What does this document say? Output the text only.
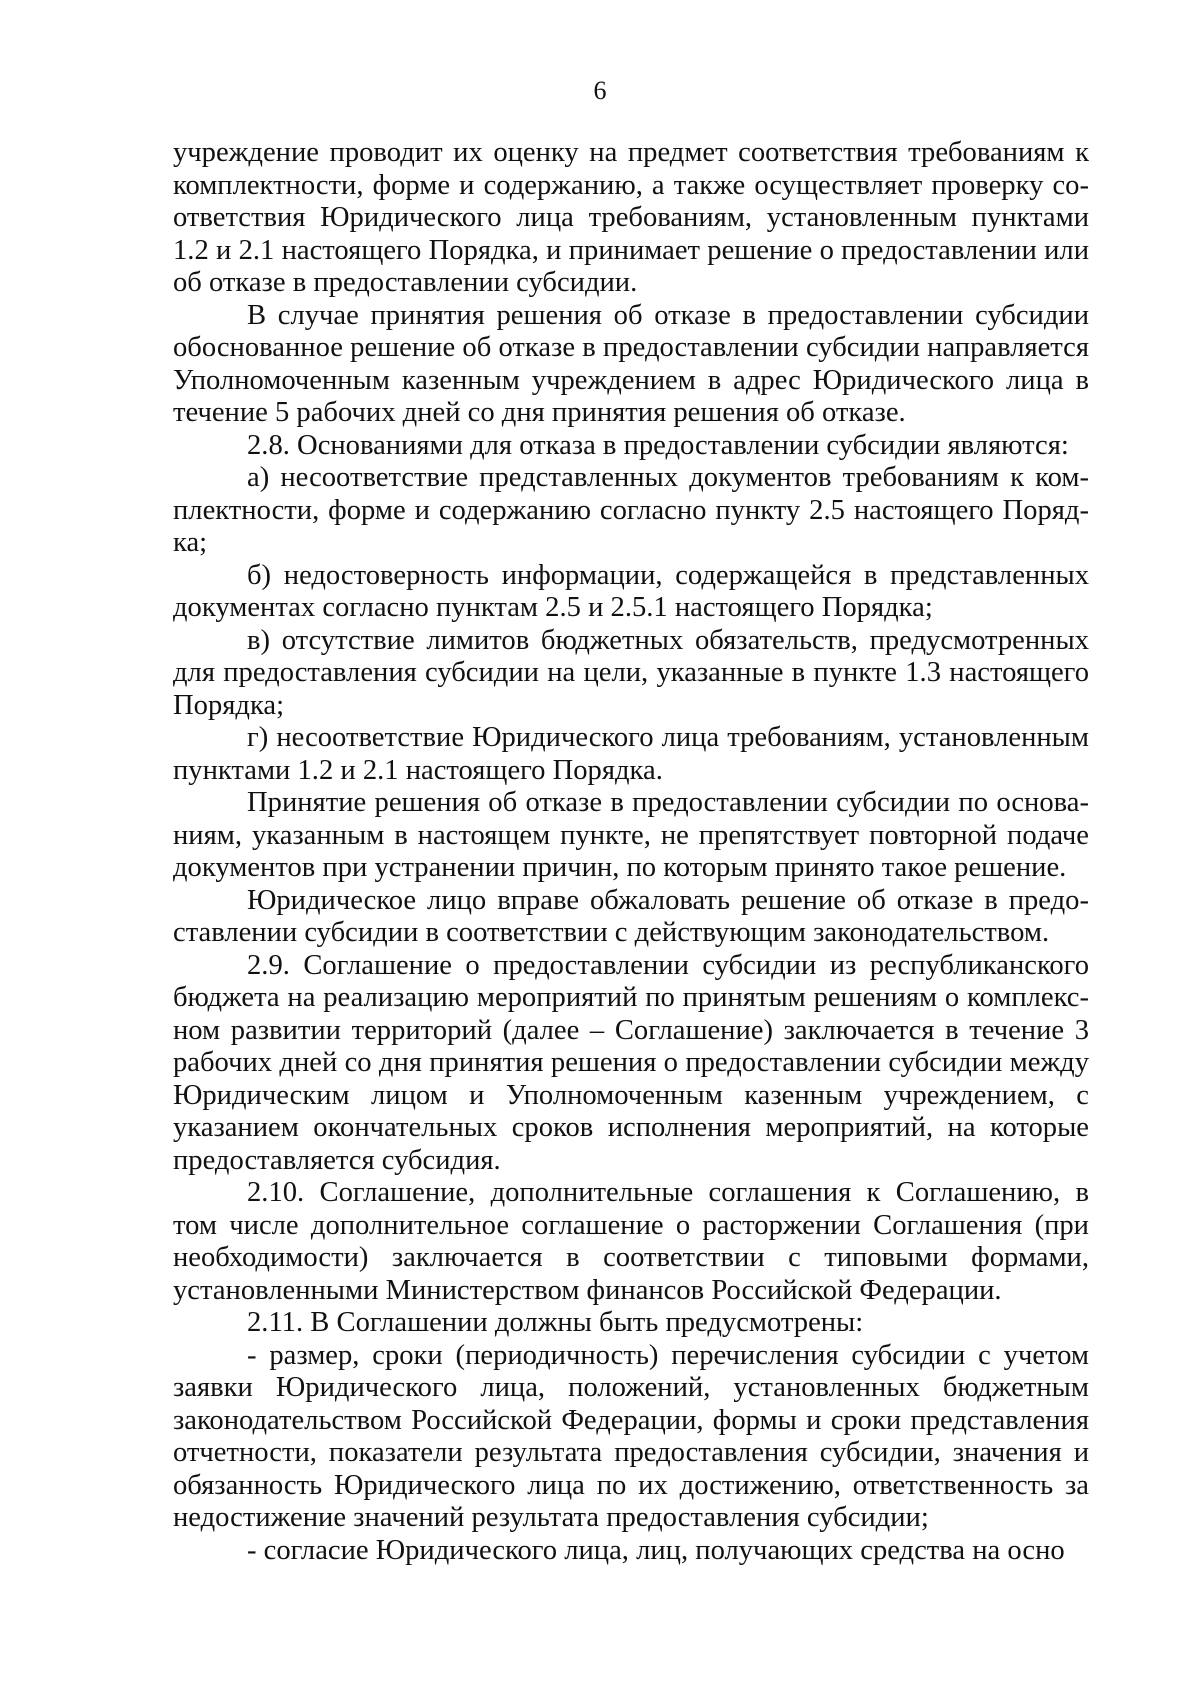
6

учреждение проводит их оценку на предмет соответствия требованиям к комплектности, форме и содержанию, а также осуществляет проверку соответствия Юридического лица требованиям, установленным пунктами 1.2 и 2.1 настоящего Порядка, и принимает решение о предоставлении или об отказе в предоставлении субсидии.

В случае принятия решения об отказе в предоставлении субсидии обоснованное решение об отказе в предоставлении субсидии направляется Уполномоченным казенным учреждением в адрес Юридического лица в течение 5 рабочих дней со дня принятия решения об отказе.

2.8. Основаниями для отказа в предоставлении субсидии являются:

а) несоответствие представленных документов требованиям к комплектности, форме и содержанию согласно пункту 2.5 настоящего Порядка;

б) недостоверность информации, содержащейся в представленных документах согласно пунктам 2.5 и 2.5.1 настоящего Порядка;

в) отсутствие лимитов бюджетных обязательств, предусмотренных для предоставления субсидии на цели, указанные в пункте 1.3 настоящего Порядка;

г) несоответствие Юридического лица требованиям, установленным пунктами 1.2 и 2.1 настоящего Порядка.

Принятие решения об отказе в предоставлении субсидии по основаниям, указанным в настоящем пункте, не препятствует повторной подаче документов при устранении причин, по которым принято такое решение.

Юридическое лицо вправе обжаловать решение об отказе в предоставлении субсидии в соответствии с действующим законодательством.

2.9. Соглашение о предоставлении субсидии из республиканского бюджета на реализацию мероприятий по принятым решениям о комплексном развитии территорий (далее – Соглашение) заключается в течение 3 рабочих дней со дня принятия решения о предоставлении субсидии между Юридическим лицом и Уполномоченным казенным учреждением, с указанием окончательных сроков исполнения мероприятий, на которые предоставляется субсидия.

2.10. Соглашение, дополнительные соглашения к Соглашению, в том числе дополнительное соглашение о расторжении Соглашения (при необходимости) заключается в соответствии с типовыми формами, установленными Министерством финансов Российской Федерации.

2.11. В Соглашении должны быть предусмотрены:

- размер, сроки (периодичность) перечисления субсидии с учетом заявки Юридического лица, положений, установленных бюджетным законодательством Российской Федерации, формы и сроки представления отчетности, показатели результата предоставления субсидии, значения и обязанность Юридического лица по их достижению, ответственность за недостижение значений результата предоставления субсидии;

- согласие Юридического лица, лиц, получающих средства на осно
